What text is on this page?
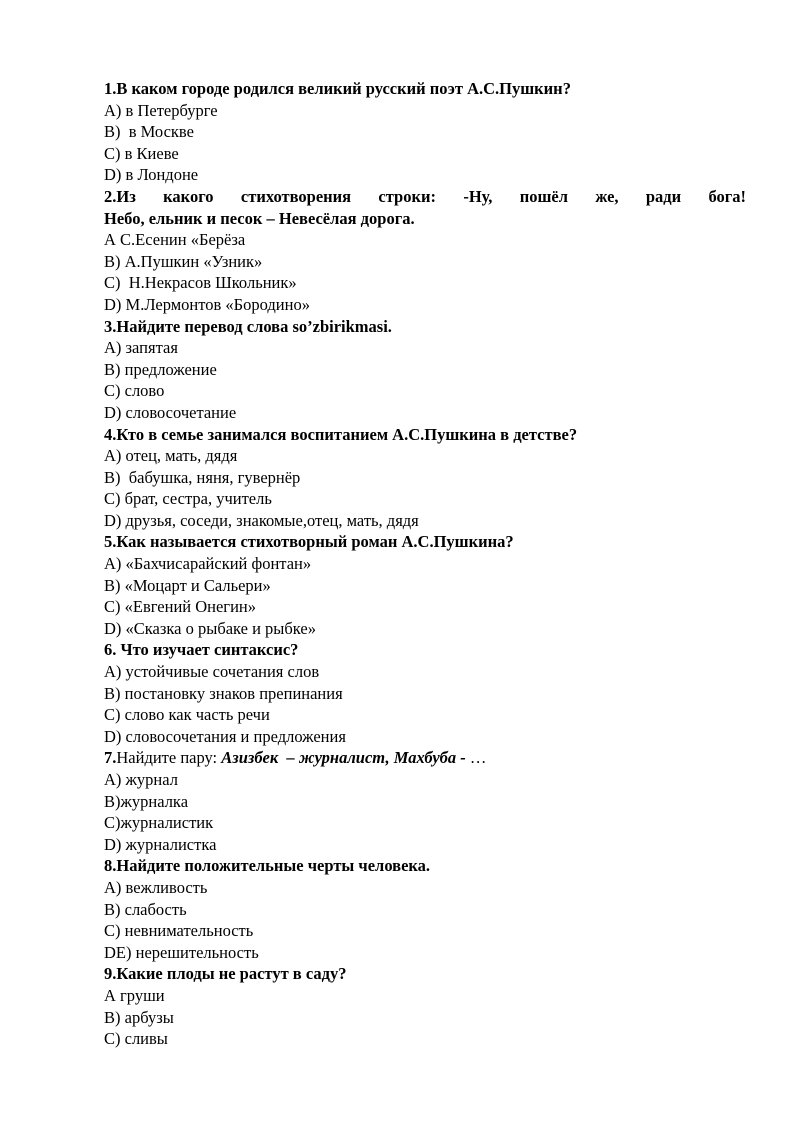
1.В каком городе родился великий русский поэт А.С.Пушкин?
А) в Петербурге
В)  в Москве
С) в Киеве
D) в Лондоне
2.Из какого стихотворения строки: -Ну, пошёл же, ради бога!
Небо, ельник и песок – Невесёлая дорога.
А С.Есенин «Берёза
В) А.Пушкин «Узник»
С)  Н.Некрасов Школьник»
D) М.Лермонтов «Бородино»
3.Найдите перевод слова so’zbirikmasi.
А) запятая
В) предложение
С) слово
D) словосочетание
4.Кто в семье занимался воспитанием А.С.Пушкина в детстве?
А) отец, мать, дядя
В)  бабушка, няня, гувернёр
С) брат, сестра, учитель
D) друзья, соседи, знакомые,отец, мать, дядя
5.Как называется стихотворный роман А.С.Пушкина?
А) «Бахчисарайский фонтан»
В) «Моцарт и Сальери»
С) «Евгений Онегин»
D) «Сказка о рыбаке и рыбке»
6. Что изучает синтаксис?
А) устойчивые сочетания слов
В) постановку знаков препинания
С) слово как часть речи
D) словосочетания и предложения
7.Найдите пару: Азизбек  – журналист, Махбуба - …
А) журнал
В)журналка
С)журналистик
D) журналистка
8.Найдите положительные черты человека.
А) вежливость
В) слабость
С) невнимательность
DE) нерешительность
9.Какие плоды не растут в саду?
А груши
В) арбузы
С) сливы
